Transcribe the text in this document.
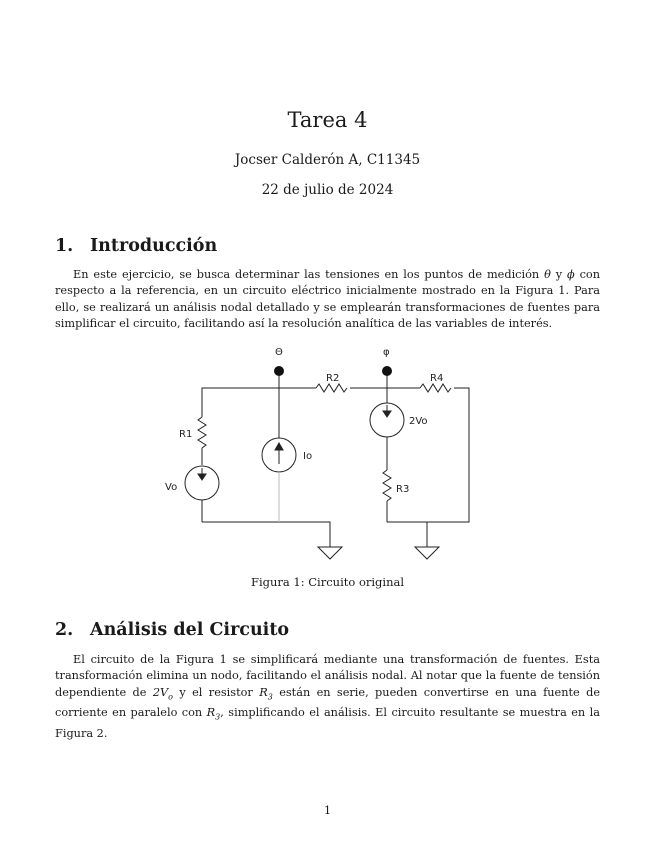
Tarea 4
Jocser Calderón A, C11345
22 de julio de 2024
1. Introducción
En este ejercicio, se busca determinar las tensiones en los puntos de medición θ y ϕ con respecto a la referencia, en un circuito eléctrico inicialmente mostrado en la Figura 1. Para ello, se realizará un análisis nodal detallado y se emplearán transformaciones de fuentes para simplificar el circuito, facilitando así la resolución analítica de las variables de interés.
Θ	φ
R2	R4
R1
Vo
Io
2Vo
R3
Figura 1: Circuito original
2. Análisis del Circuito
El circuito de la Figura 1 se simplificará mediante una transformación de fuentes. Esta transformación elimina un nodo, facilitando el análisis nodal. Al notar que la fuente de tensión dependiente de $2V_o$ y el resistor $R_3$ están en serie, pueden convertirse en una fuente de corriente en paralelo con $R_3$, simplificando el análisis. El circuito resultante se muestra en la Figura 2.
1
